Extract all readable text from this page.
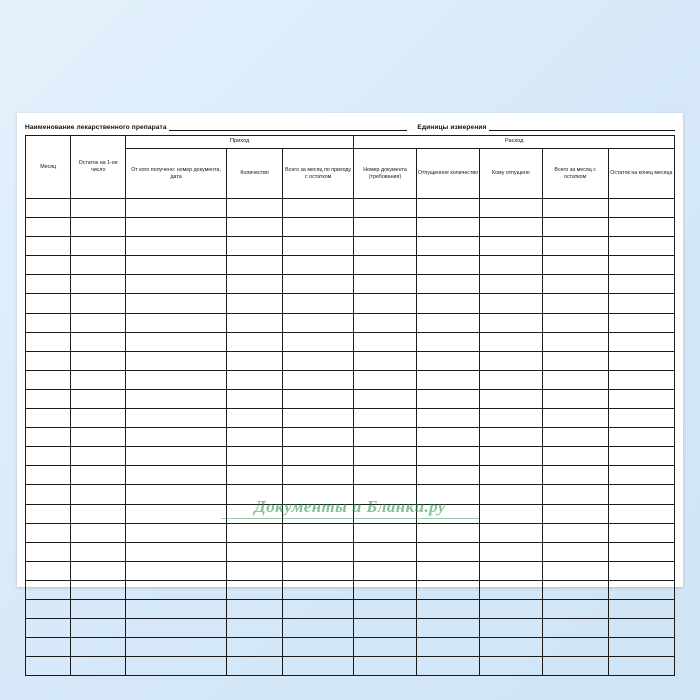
Наименование лекарственного препарата	Единицы измерения
Месяц	Остаток на 1-ое число	Приход			Расход				
		От кого получено: номер документа, дата	Количество	Всего за месяц по приходу с остатком	Номер документа (требования)	Отпущенное количество	Кому отпущено	Всего за месяц с остатком	Остаток на конец месяца

Документы и Бланки.ру
